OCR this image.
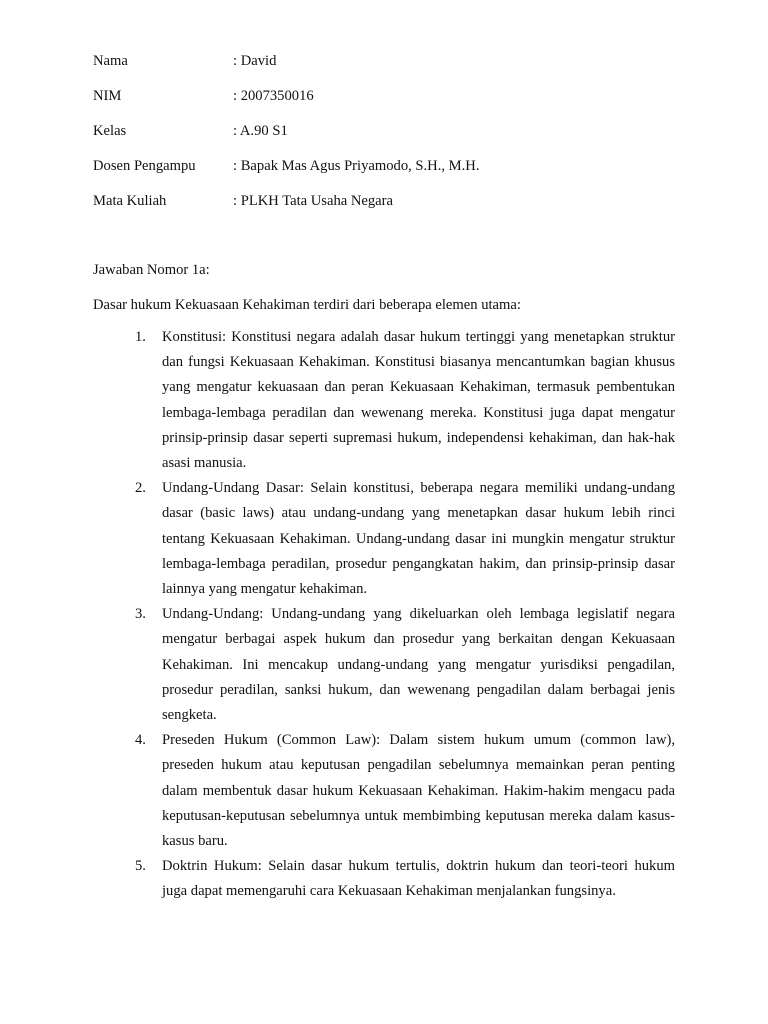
Nama	: David
NIM	: 2007350016
Kelas	: A.90 S1
Dosen Pengampu	: Bapak Mas Agus Priyamodo, S.H., M.H.
Mata Kuliah	: PLKH Tata Usaha Negara
Jawaban Nomor 1a:
Dasar hukum Kekuasaan Kehakiman terdiri dari beberapa elemen utama:
1.	Konstitusi: Konstitusi negara adalah dasar hukum tertinggi yang menetapkan struktur dan fungsi Kekuasaan Kehakiman. Konstitusi biasanya mencantumkan bagian khusus yang mengatur kekuasaan dan peran Kekuasaan Kehakiman, termasuk pembentukan lembaga-lembaga peradilan dan wewenang mereka. Konstitusi juga dapat mengatur prinsip-prinsip dasar seperti supremasi hukum, independensi kehakiman, dan hak-hak asasi manusia.
2.	Undang-Undang Dasar: Selain konstitusi, beberapa negara memiliki undang-undang dasar (basic laws) atau undang-undang yang menetapkan dasar hukum lebih rinci tentang Kekuasaan Kehakiman. Undang-undang dasar ini mungkin mengatur struktur lembaga-lembaga peradilan, prosedur pengangkatan hakim, dan prinsip-prinsip dasar lainnya yang mengatur kehakiman.
3.	Undang-Undang: Undang-undang yang dikeluarkan oleh lembaga legislatif negara mengatur berbagai aspek hukum dan prosedur yang berkaitan dengan Kekuasaan Kehakiman. Ini mencakup undang-undang yang mengatur yurisdiksi pengadilan, prosedur peradilan, sanksi hukum, dan wewenang pengadilan dalam berbagai jenis sengketa.
4.	Preseden Hukum (Common Law): Dalam sistem hukum umum (common law), preseden hukum atau keputusan pengadilan sebelumnya memainkan peran penting dalam membentuk dasar hukum Kekuasaan Kehakiman. Hakim-hakim mengacu pada keputusan-keputusan sebelumnya untuk membimbing keputusan mereka dalam kasus-kasus baru.
5.	Doktrin Hukum: Selain dasar hukum tertulis, doktrin hukum dan teori-teori hukum juga dapat memengaruhi cara Kekuasaan Kehakiman menjalankan fungsinya.
